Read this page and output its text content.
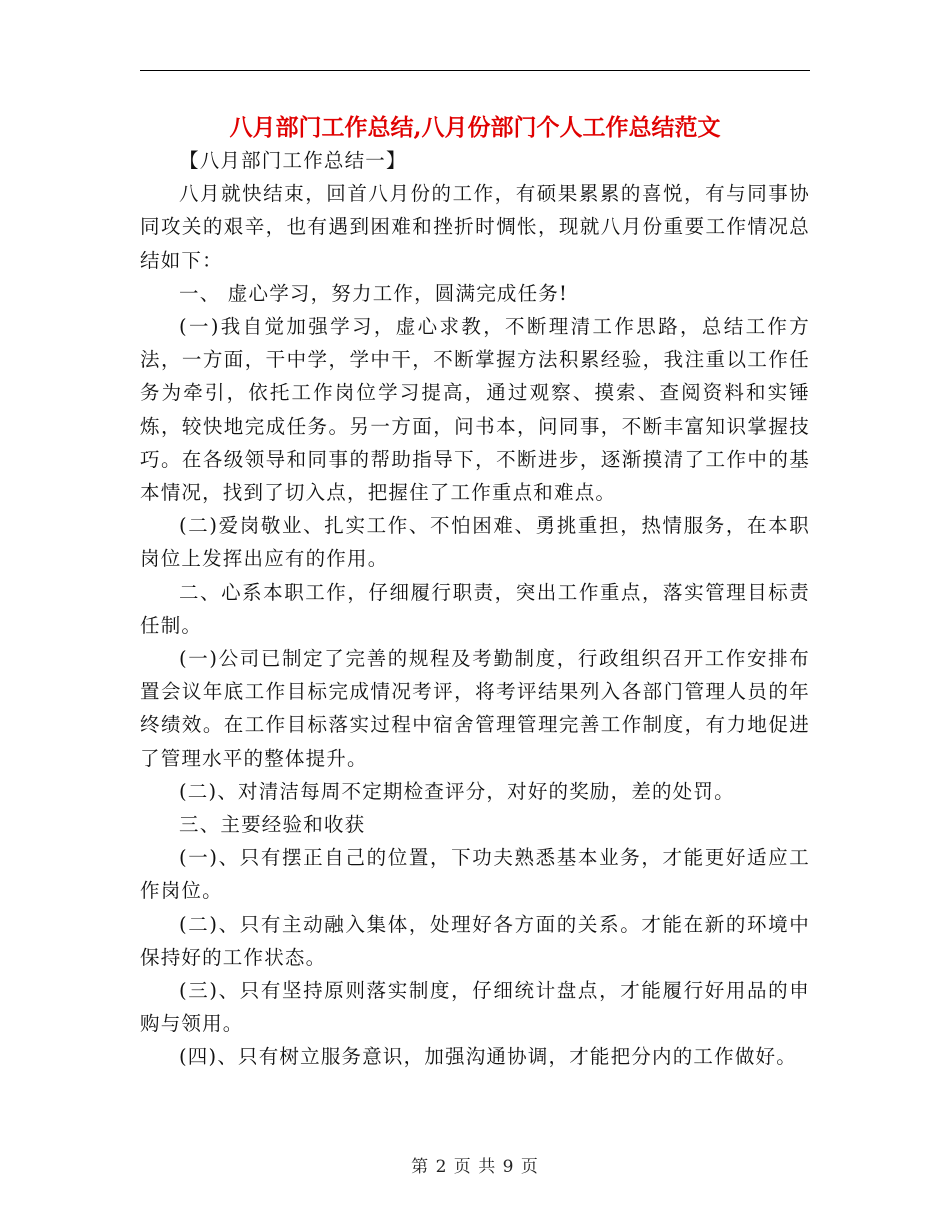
八月部门工作总结,八月份部门个人工作总结范文

【八月部门工作总结一】

八月就快结束，回首八月份的工作，有硕果累累的喜悦，有与同事协同攻关的艰辛，也有遇到困难和挫折时惆怅，现就八月份重要工作情况总结如下：

一、 虚心学习，努力工作，圆满完成任务!

(一)我自觉加强学习，虚心求教，不断理清工作思路，总结工作方法，一方面，干中学，学中干，不断掌握方法积累经验，我注重以工作任务为牵引，依托工作岗位学习提高，通过观察、摸索、查阅资料和实锤炼，较快地完成任务。另一方面，问书本，问同事，不断丰富知识掌握技巧。在各级领导和同事的帮助指导下，不断进步，逐渐摸清了工作中的基本情况，找到了切入点，把握住了工作重点和难点。

(二)爱岗敬业、扎实工作、不怕困难、勇挑重担，热情服务，在本职岗位上发挥出应有的作用。

二、心系本职工作，仔细履行职责，突出工作重点，落实管理目标责任制。

(一)公司已制定了完善的规程及考勤制度，行政组织召开工作安排布置会议年底工作目标完成情况考评，将考评结果列入各部门管理人员的年终绩效。在工作目标落实过程中宿舍管理管理完善工作制度，有力地促进了管理水平的整体提升。

(二)、对清洁每周不定期检查评分，对好的奖励，差的处罚。

三、主要经验和收获

(一)、只有摆正自己的位置，下功夫熟悉基本业务，才能更好适应工作岗位。

(二)、只有主动融入集体，处理好各方面的关系。才能在新的环境中保持好的工作状态。

(三)、只有坚持原则落实制度，仔细统计盘点，才能履行好用品的申购与领用。

(四)、只有树立服务意识，加强沟通协调，才能把分内的工作做好。

第 2 页 共 9 页
